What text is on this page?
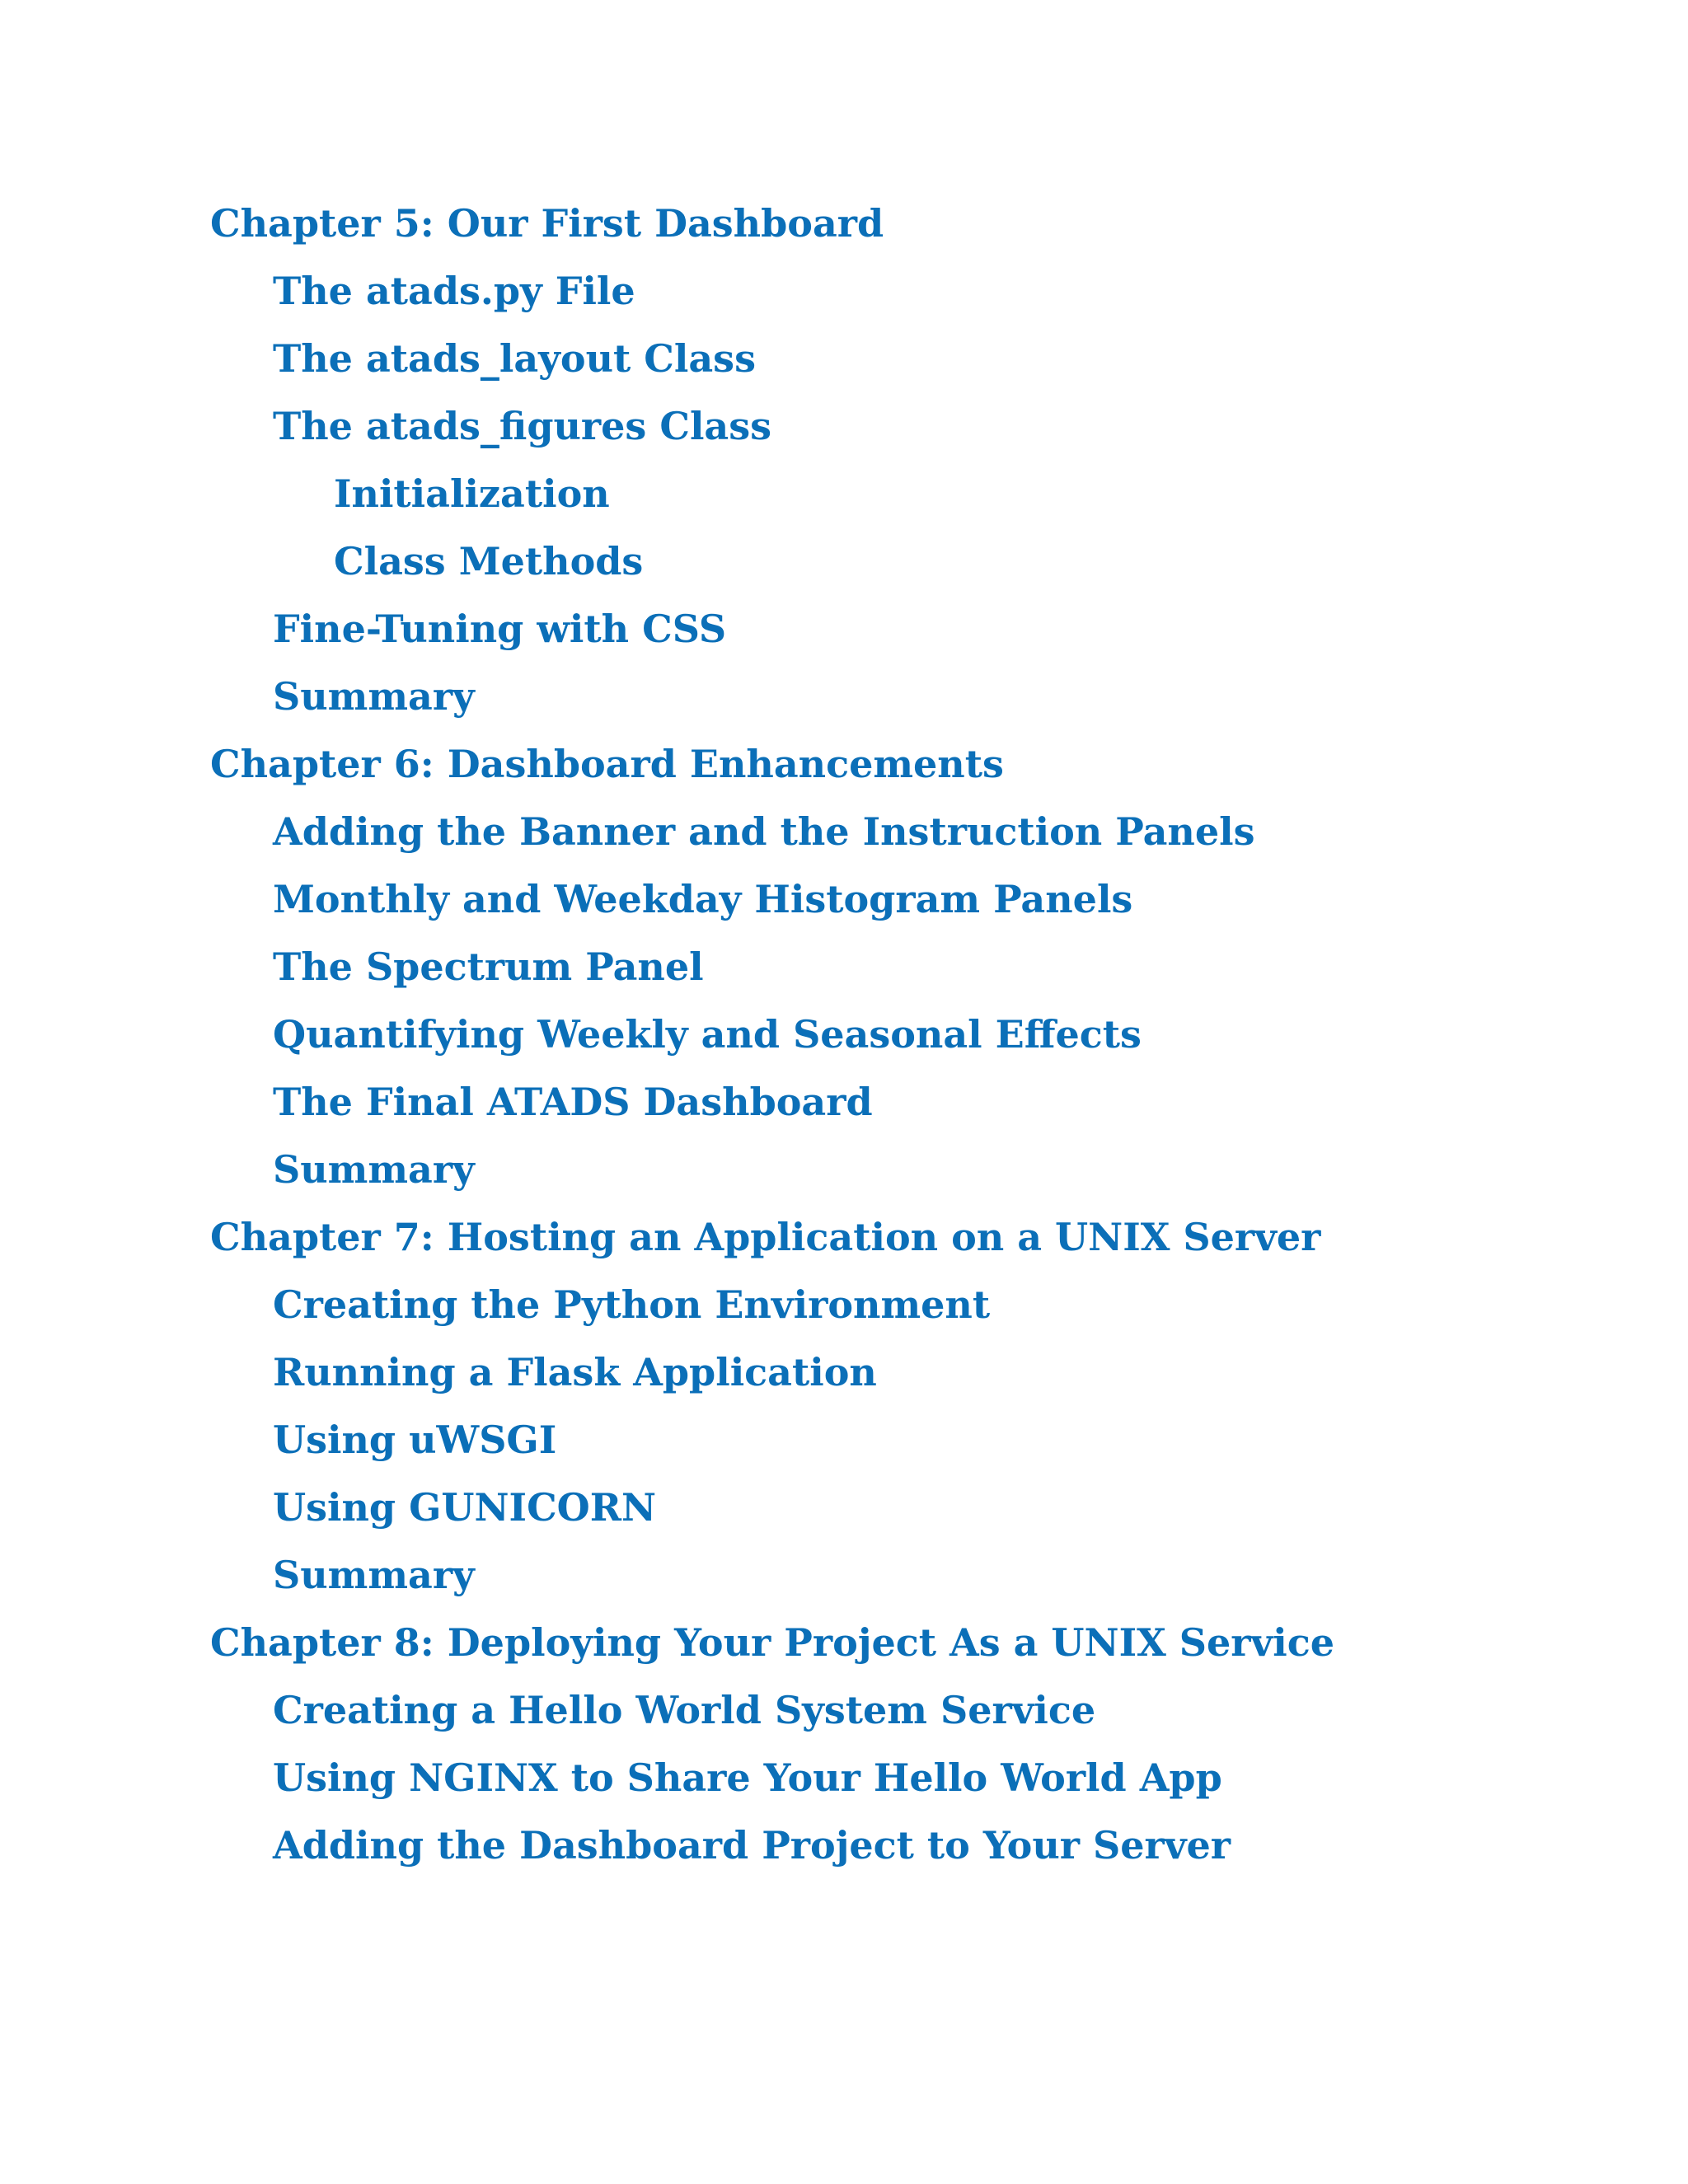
Chapter 5: Our First Dashboard
The atads.py File
The atads_layout Class
The atads_figures Class
Initialization
Class Methods
Fine-Tuning with CSS
Summary
Chapter 6: Dashboard Enhancements
Adding the Banner and the Instruction Panels
Monthly and Weekday Histogram Panels
The Spectrum Panel
Quantifying Weekly and Seasonal Effects
The Final ATADS Dashboard
Summary
Chapter 7: Hosting an Application on a UNIX Server
Creating the Python Environment
Running a Flask Application
Using uWSGI
Using GUNICORN
Summary
Chapter 8: Deploying Your Project As a UNIX Service
Creating a Hello World System Service
Using NGINX to Share Your Hello World App
Adding the Dashboard Project to Your Server
